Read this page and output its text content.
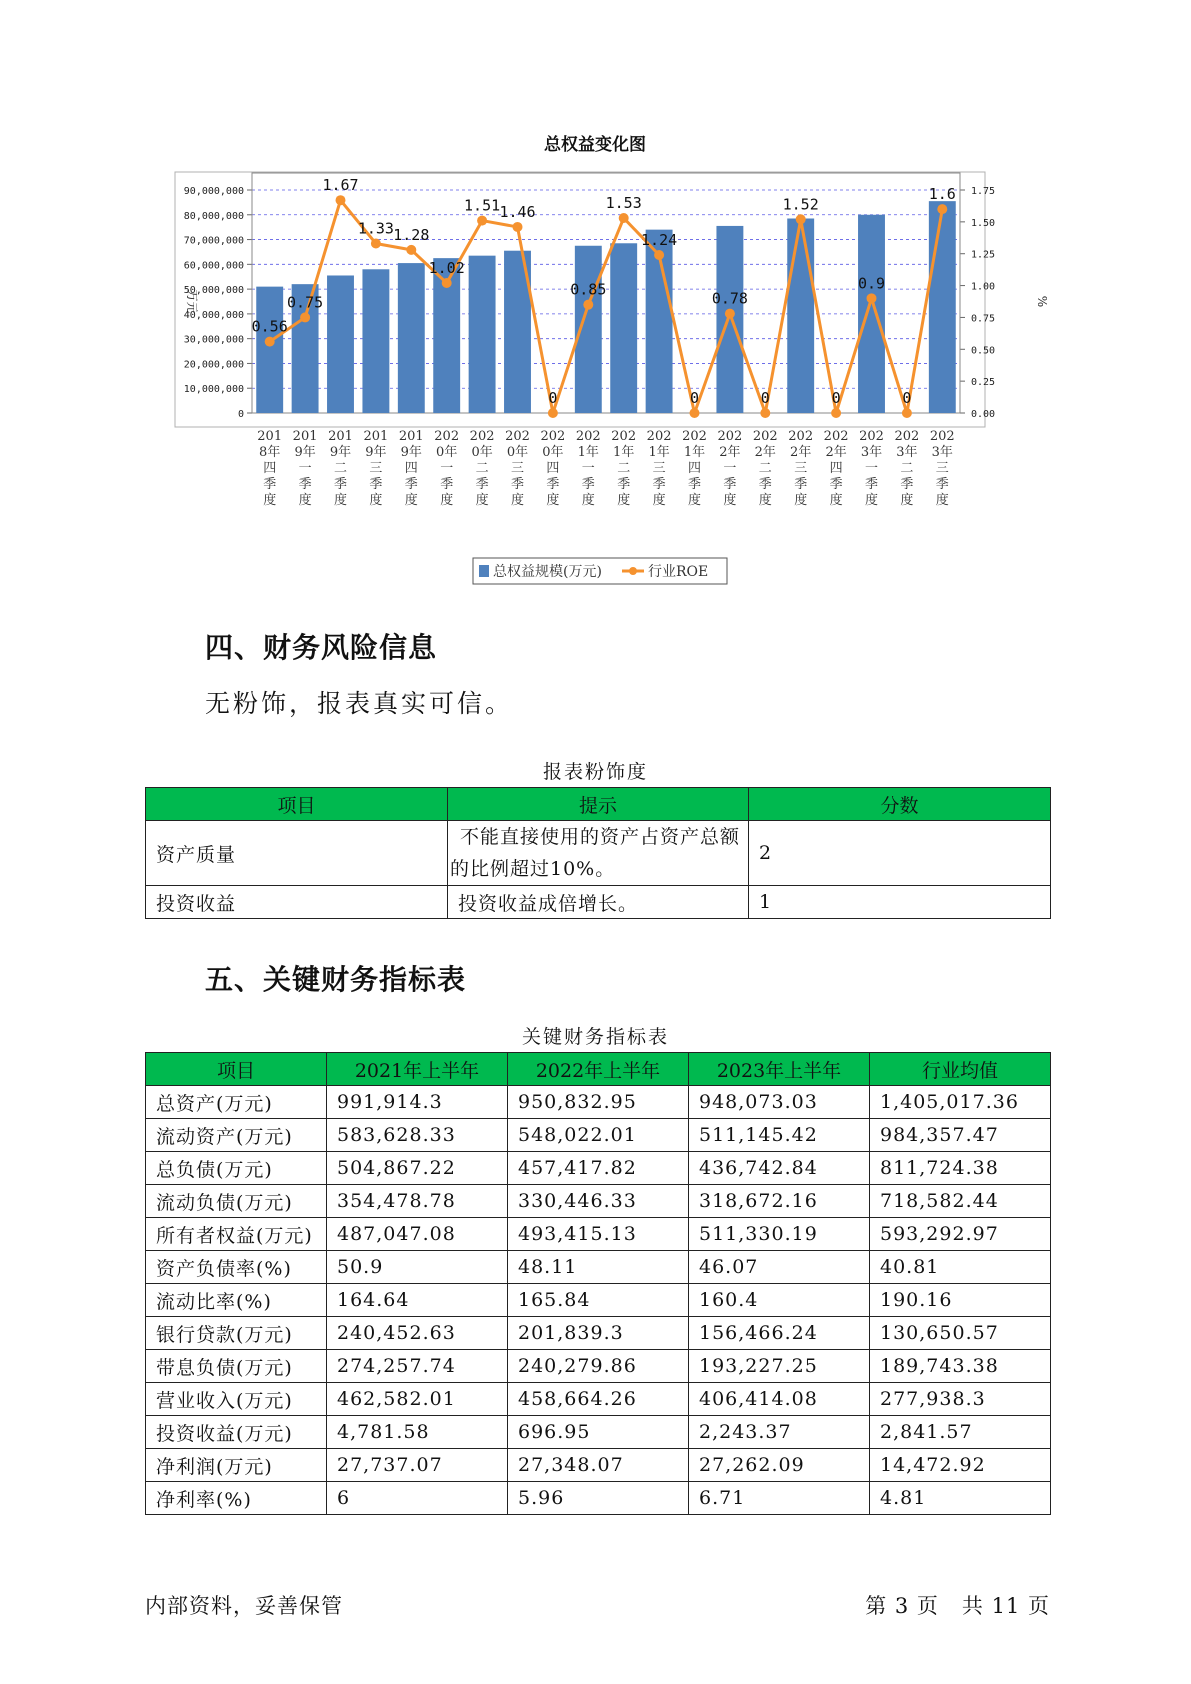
总权益变化图
0
10,000,000
20,000,000
30,000,000
40,000,000
50,000,000
60,000,000
70,000,000
80,000,000
90,000,000
0.00
0.25
0.50
0.75
1.00
1.25
1.50
1.75
万元	%
0.56
0.75
1.67
1.33 1.28
1.02
1.51 1.46
0
0.85
1.53
1.24
0
0.78
0
1.52
0
0.9
0
1.6
201
8年
四
季
度
201
9年
一
季
度
201
9年
二
季
度
201
9年
三
季
度
201
9年
四
季
度
202
0年
一
季
度
202
0年
二
季
度
202
0年
三
季
度
202
0年
四
季
度
202
1年
一
季
度
202
1年
二
季
度
202
1年
三
季
度
202
1年
四
季
度
202
2年
一
季
度
202
2年
二
季
度
202
2年
三
季
度
202
2年
四
季
度
202
3年
一
季
度
202
3年
二
季
度
202
3年
三
季
度
总权益规模(万元)	行业ROE
四、财务风险信息
无粉饰，报表真实可信。
报表粉饰度
项目	提示	分数
资产质量	不能直接使用的资产占资产总额的比例超过10%。	2
投资收益	投资收益成倍增长。	1
五、关键财务指标表
关键财务指标表
项目	2021年上半年	2022年上半年	2023年上半年	行业均值
总资产(万元)	991,914.3	950,832.95	948,073.03	1,405,017.36
流动资产(万元)	583,628.33	548,022.01	511,145.42	984,357.47
总负债(万元)	504,867.22	457,417.82	436,742.84	811,724.38
流动负债(万元)	354,478.78	330,446.33	318,672.16	718,582.44
所有者权益(万元)	487,047.08	493,415.13	511,330.19	593,292.97
资产负债率(%)	50.9	48.11	46.07	40.81
流动比率(%)	164.64	165.84	160.4	190.16
银行贷款(万元)	240,452.63	201,839.3	156,466.24	130,650.57
带息负债(万元)	274,257.74	240,279.86	193,227.25	189,743.38
营业收入(万元)	462,582.01	458,664.26	406,414.08	277,938.3
投资收益(万元)	4,781.58	696.95	2,243.37	2,841.57
净利润(万元)	27,737.07	27,348.07	27,262.09	14,472.92
净利率(%)	6	5.96	6.71	4.81
内部资料，妥善保管	第 3 页   共 11 页
